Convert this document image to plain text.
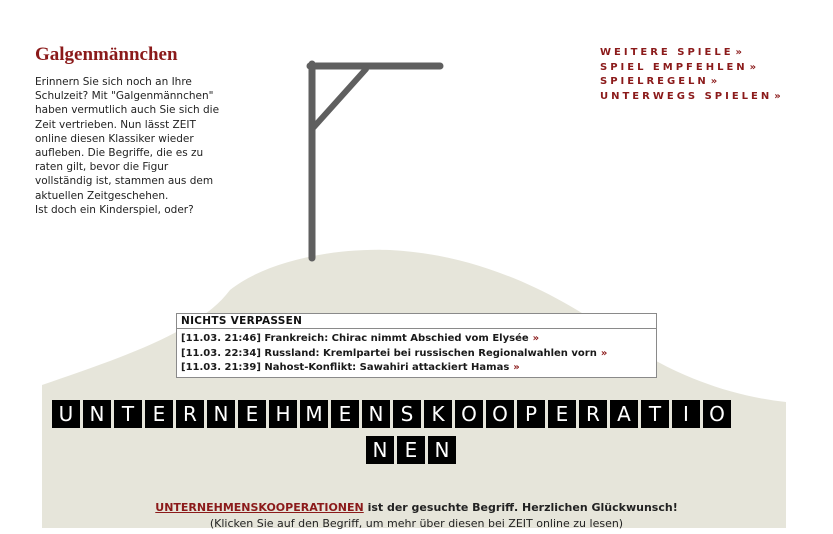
Galgenmännchen
Erinnern Sie sich noch an Ihre
Schulzeit? Mit "Galgenmännchen"
haben vermutlich auch Sie sich die
Zeit vertrieben. Nun lässt ZEIT
online diesen Klassiker wieder
aufleben. Die Begriffe, die es zu
raten gilt, bevor die Figur
vollständig ist, stammen aus dem
aktuellen Zeitgeschehen.
Ist doch ein Kinderspiel, oder?
WEITERE SPIELE »
SPIEL EMPFEHLEN »
SPIELREGELN »
UNTERWEGS SPIELEN »
NICHTS VERPASSEN
[11.03. 21:46] Frankreich: Chirac nimmt Abschied vom Elysée »
[11.03. 22:34] Russland: Kremlpartei bei russischen Regionalwahlen vorn »
[11.03. 21:39] Nahost-Konflikt: Sawahiri attackiert Hamas »
U N T E R N E H M E N S K O O P E R A T	I	O
N E N
UNTERNEHMENSKOOPERATIONEN ist der gesuchte Begriff. Herzlichen Glückwunsch!
(Klicken Sie auf den Begriff, um mehr über diesen bei ZEIT online zu lesen)
